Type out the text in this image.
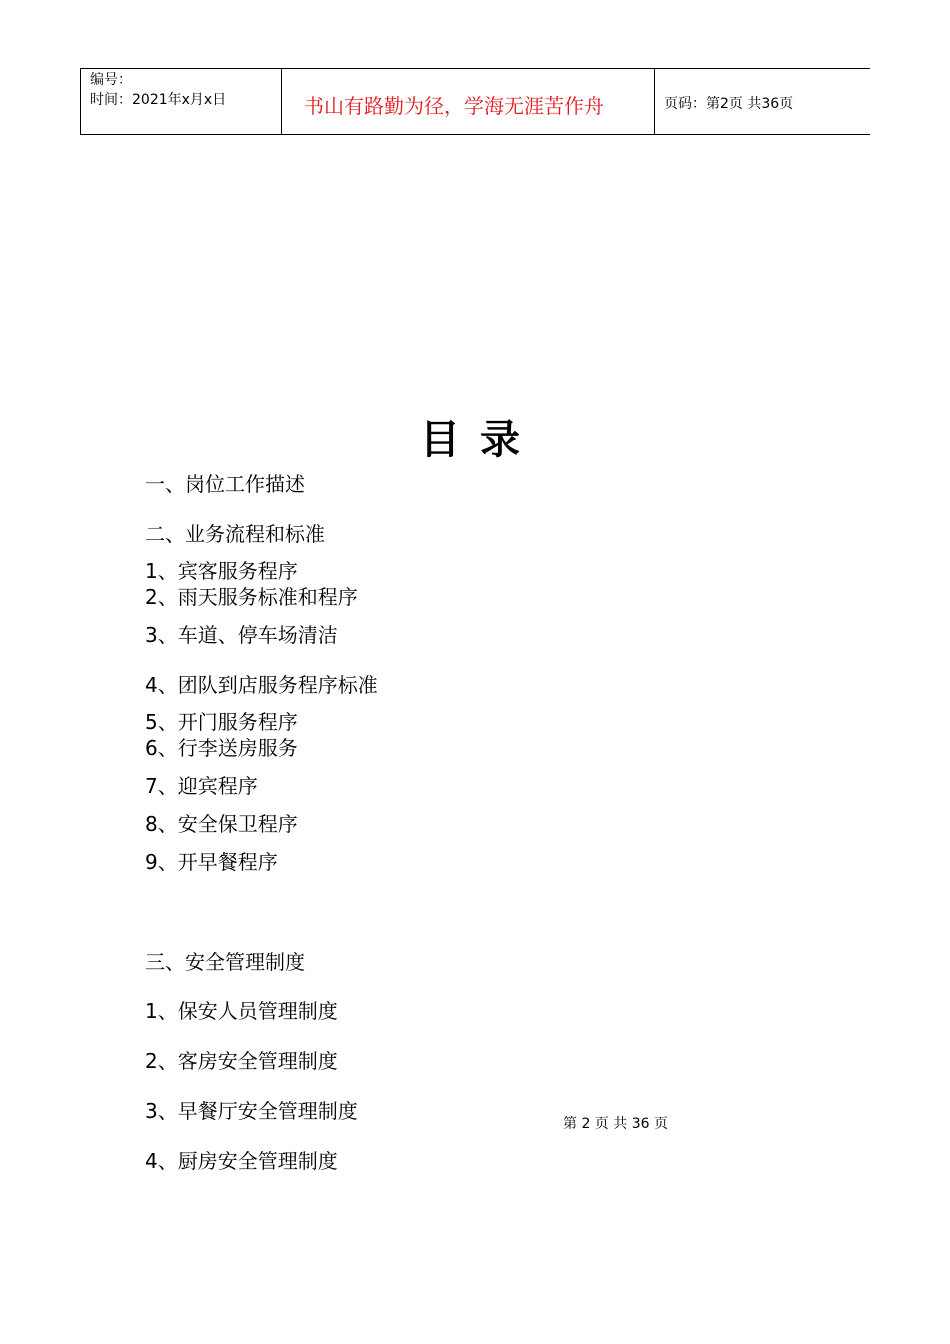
编号：
时间：2021年x月x日	书山有路勤为径，学海无涯苦作舟	页码：第2页 共36页
目录
一、岗位工作描述
二、业务流程和标准
1、宾客服务程序
2、雨天服务标准和程序
3、车道、停车场清洁
4、团队到店服务程序标准
5、开门服务程序
6、行李送房服务
7、迎宾程序
8、安全保卫程序
9、开早餐程序
三、安全管理制度
1、保安人员管理制度
2、客房安全管理制度
3、早餐厅安全管理制度
4、厨房安全管理制度
第 2 页 共 36 页
